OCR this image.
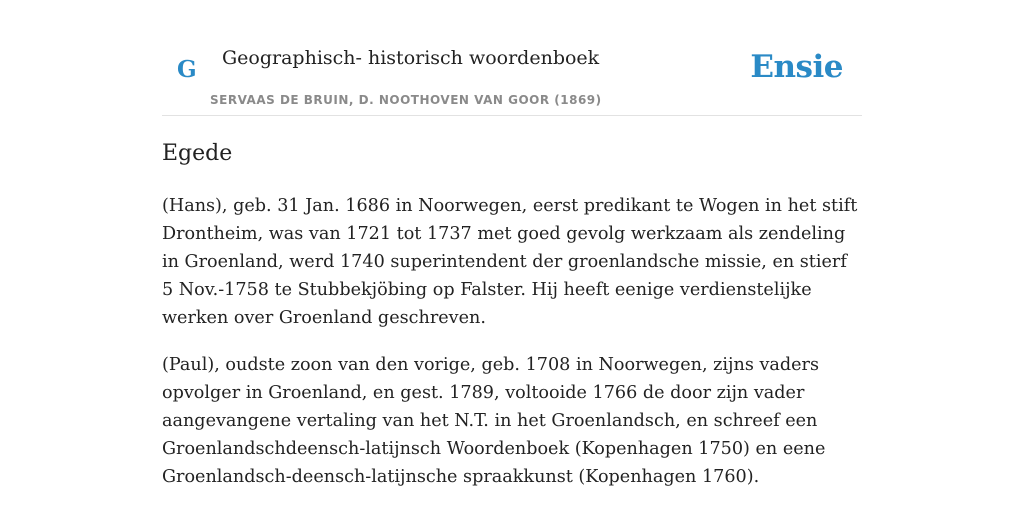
G Geographisch- historisch woordenboek
SERVAAS DE BRUIN, D. NOOTHOVEN VAN GOOR (1869)
Ensie
Egede

(Hans), geb. 31 Jan. 1686 in Noorwegen, eerst predikant te Wogen in het stift Drontheim, was van 1721 tot 1737 met goed gevolg werkzaam als zendeling in Groenland, werd 1740 superintendent der groenlandsche missie, en stierf 5 Nov.-1758 te Stubbekjöbing op Falster. Hij heeft eenige verdienstelijke werken over Groenland geschreven.

(Paul), oudste zoon van den vorige, geb. 1708 in Noorwegen, zijns vaders opvolger in Groenland, en gest. 1789, voltooide 1766 de door zijn vader aangevangene vertaling van het N.T. in het Groenlandsch, en schreef een Groenlandschdeensch-latijnsch Woordenboek (Kopenhagen 1750) en eene Groenlandsch-deensch-latijnsche spraakkunst (Kopenhagen 1760).
